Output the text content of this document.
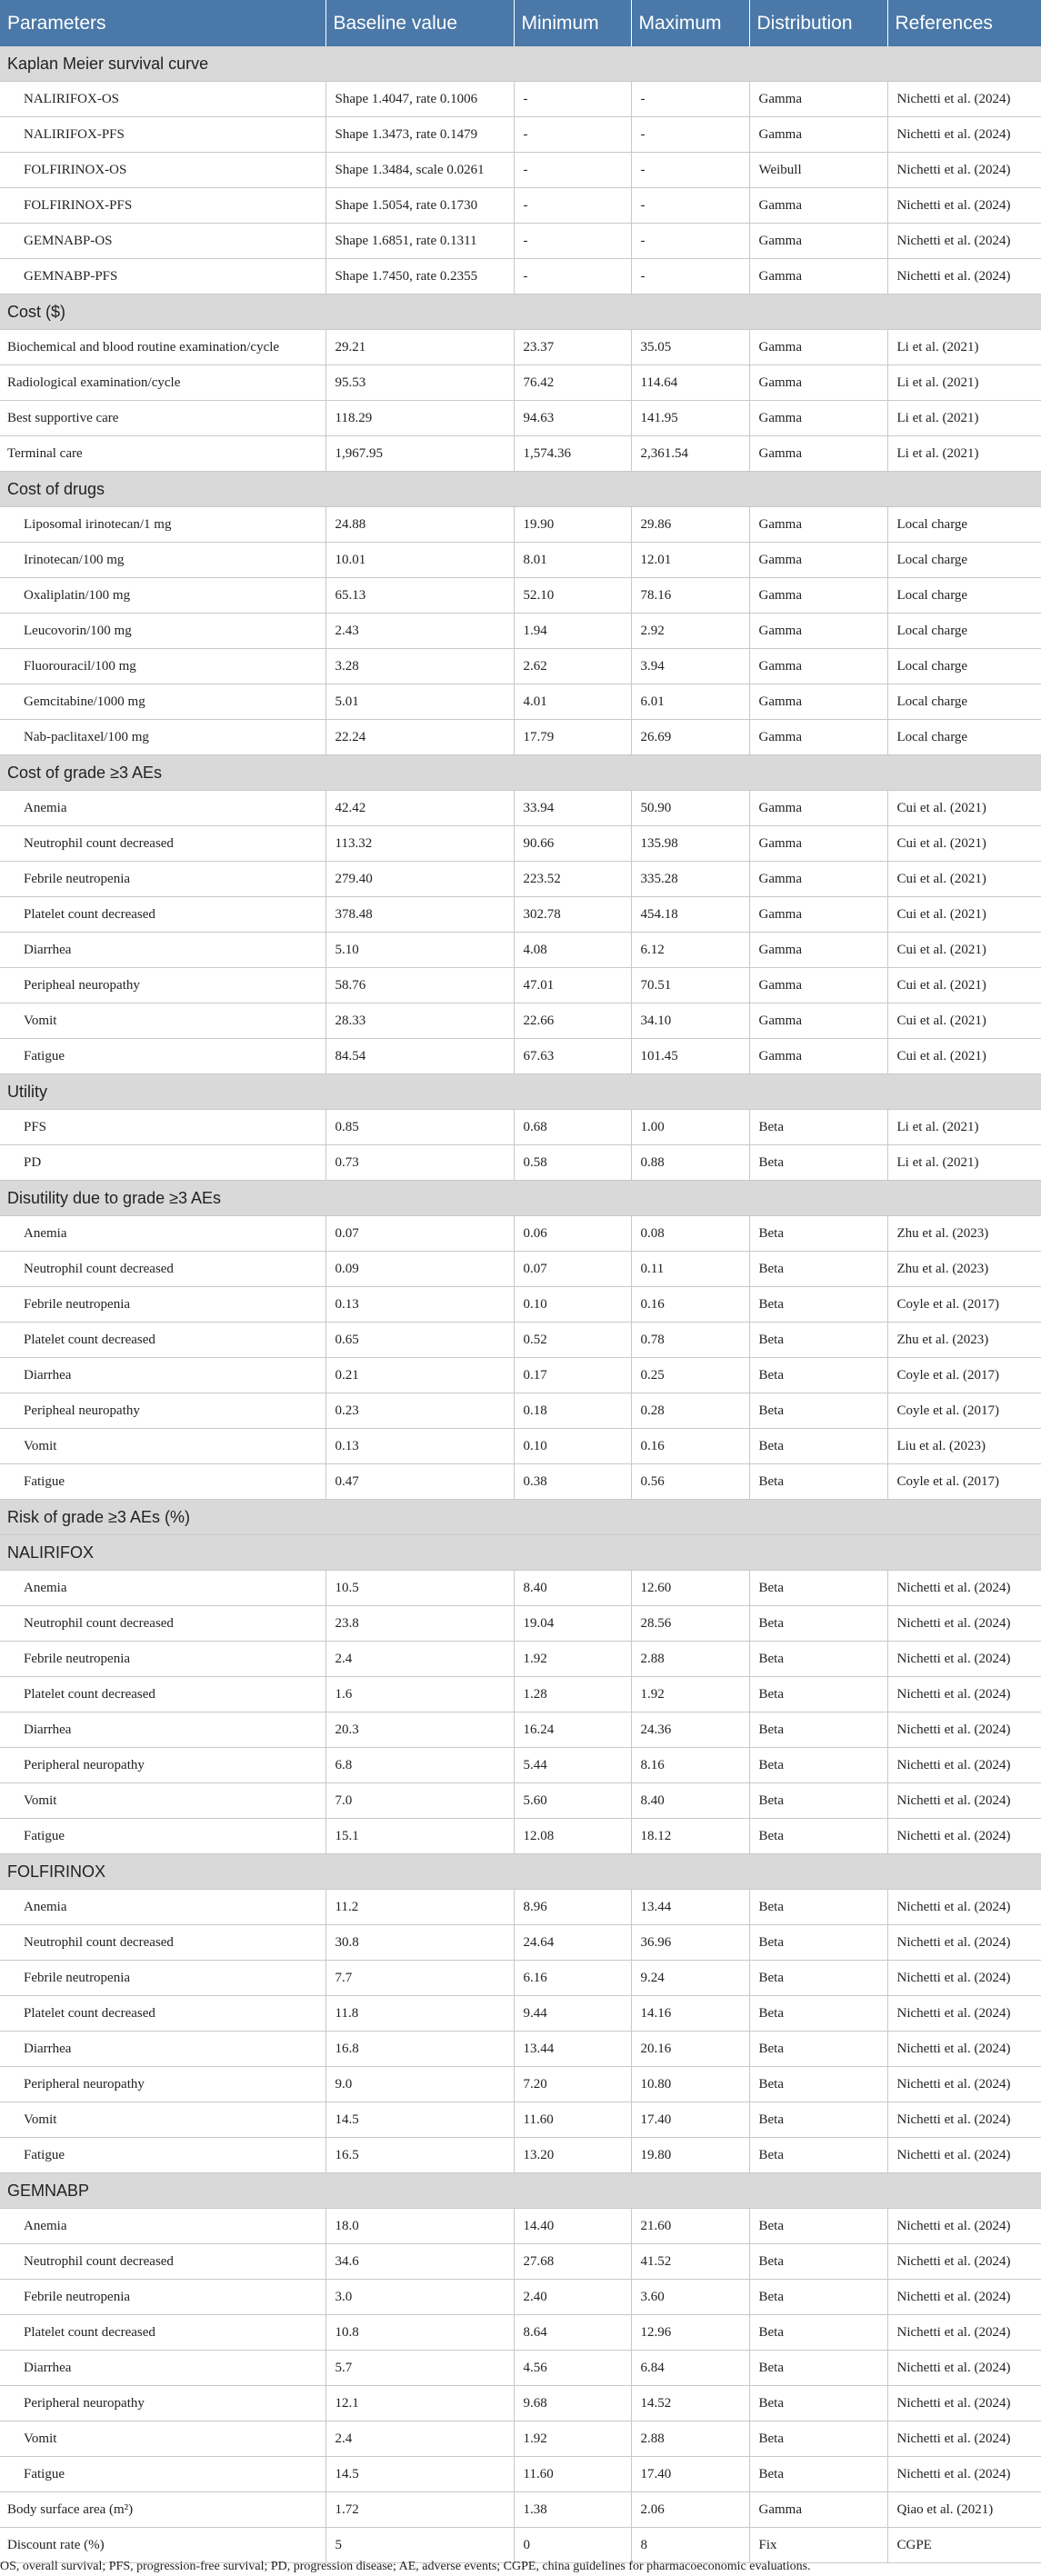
Parameters	Baseline value	Minimum	Maximum	Distribution	References
Kaplan Meier survival curve					
NALIRIFOX-OS	Shape 1.4047, rate 0.1006	-	-	Gamma	Nichetti et al. (2024)
NALIRIFOX-PFS	Shape 1.3473, rate 0.1479	-	-	Gamma	Nichetti et al. (2024)
FOLFIRINOX-OS	Shape 1.3484, scale 0.0261	-	-	Weibull	Nichetti et al. (2024)
FOLFIRINOX-PFS	Shape 1.5054, rate 0.1730	-	-	Gamma	Nichetti et al. (2024)
GEMNABP-OS	Shape 1.6851, rate 0.1311	-	-	Gamma	Nichetti et al. (2024)
GEMNABP-PFS	Shape 1.7450, rate 0.2355	-	-	Gamma	Nichetti et al. (2024)
Cost ($)					
Biochemical and blood routine examination/cycle	29.21	23.37	35.05	Gamma	Li et al. (2021)
Radiological examination/cycle	95.53	76.42	114.64	Gamma	Li et al. (2021)
Best supportive care	118.29	94.63	141.95	Gamma	Li et al. (2021)
Terminal care	1,967.95	1,574.36	2,361.54	Gamma	Li et al. (2021)
Cost of drugs					
Liposomal irinotecan/1 mg	24.88	19.90	29.86	Gamma	Local charge
Irinotecan/100 mg	10.01	8.01	12.01	Gamma	Local charge
Oxaliplatin/100 mg	65.13	52.10	78.16	Gamma	Local charge
Leucovorin/100 mg	2.43	1.94	2.92	Gamma	Local charge
Fluorouracil/100 mg	3.28	2.62	3.94	Gamma	Local charge
Gemcitabine/1000 mg	5.01	4.01	6.01	Gamma	Local charge
Nab-paclitaxel/100 mg	22.24	17.79	26.69	Gamma	Local charge
Cost of grade ≥3 AEs					
Anemia	42.42	33.94	50.90	Gamma	Cui et al. (2021)
Neutrophil count decreased	113.32	90.66	135.98	Gamma	Cui et al. (2021)
Febrile neutropenia	279.40	223.52	335.28	Gamma	Cui et al. (2021)
Platelet count decreased	378.48	302.78	454.18	Gamma	Cui et al. (2021)
Diarrhea	5.10	4.08	6.12	Gamma	Cui et al. (2021)
Peripheal neuropathy	58.76	47.01	70.51	Gamma	Cui et al. (2021)
Vomit	28.33	22.66	34.10	Gamma	Cui et al. (2021)
Fatigue	84.54	67.63	101.45	Gamma	Cui et al. (2021)
Utility					
PFS	0.85	0.68	1.00	Beta	Li et al. (2021)
PD	0.73	0.58	0.88	Beta	Li et al. (2021)
Disutility due to grade ≥3 AEs					
Anemia	0.07	0.06	0.08	Beta	Zhu et al. (2023)
Neutrophil count decreased	0.09	0.07	0.11	Beta	Zhu et al. (2023)
Febrile neutropenia	0.13	0.10	0.16	Beta	Coyle et al. (2017)
Platelet count decreased	0.65	0.52	0.78	Beta	Zhu et al. (2023)
Diarrhea	0.21	0.17	0.25	Beta	Coyle et al. (2017)
Peripheal neuropathy	0.23	0.18	0.28	Beta	Coyle et al. (2017)
Vomit	0.13	0.10	0.16	Beta	Liu et al. (2023)
Fatigue	0.47	0.38	0.56	Beta	Coyle et al. (2017)
Risk of grade ≥3 AEs (%)					
NALIRIFOX					
Anemia	10.5	8.40	12.60	Beta	Nichetti et al. (2024)
Neutrophil count decreased	23.8	19.04	28.56	Beta	Nichetti et al. (2024)
Febrile neutropenia	2.4	1.92	2.88	Beta	Nichetti et al. (2024)
Platelet count decreased	1.6	1.28	1.92	Beta	Nichetti et al. (2024)
Diarrhea	20.3	16.24	24.36	Beta	Nichetti et al. (2024)
Peripheral neuropathy	6.8	5.44	8.16	Beta	Nichetti et al. (2024)
Vomit	7.0	5.60	8.40	Beta	Nichetti et al. (2024)
Fatigue	15.1	12.08	18.12	Beta	Nichetti et al. (2024)
FOLFIRINOX					
Anemia	11.2	8.96	13.44	Beta	Nichetti et al. (2024)
Neutrophil count decreased	30.8	24.64	36.96	Beta	Nichetti et al. (2024)
Febrile neutropenia	7.7	6.16	9.24	Beta	Nichetti et al. (2024)
Platelet count decreased	11.8	9.44	14.16	Beta	Nichetti et al. (2024)
Diarrhea	16.8	13.44	20.16	Beta	Nichetti et al. (2024)
Peripheral neuropathy	9.0	7.20	10.80	Beta	Nichetti et al. (2024)
Vomit	14.5	11.60	17.40	Beta	Nichetti et al. (2024)
Fatigue	16.5	13.20	19.80	Beta	Nichetti et al. (2024)
GEMNABP					
Anemia	18.0	14.40	21.60	Beta	Nichetti et al. (2024)
Neutrophil count decreased	34.6	27.68	41.52	Beta	Nichetti et al. (2024)
Febrile neutropenia	3.0	2.40	3.60	Beta	Nichetti et al. (2024)
Platelet count decreased	10.8	8.64	12.96	Beta	Nichetti et al. (2024)
Diarrhea	5.7	4.56	6.84	Beta	Nichetti et al. (2024)
Peripheral neuropathy	12.1	9.68	14.52	Beta	Nichetti et al. (2024)
Vomit	2.4	1.92	2.88	Beta	Nichetti et al. (2024)
Fatigue	14.5	11.60	17.40	Beta	Nichetti et al. (2024)
Body surface area (m²)	1.72	1.38	2.06	Gamma	Qiao et al. (2021)
Discount rate (%)	5	0	8	Fix	CGPE
OS, overall survival; PFS, progression-free survival; PD, progression disease; AE, adverse events; CGPE, china guidelines for pharmacoeconomic evaluations.
